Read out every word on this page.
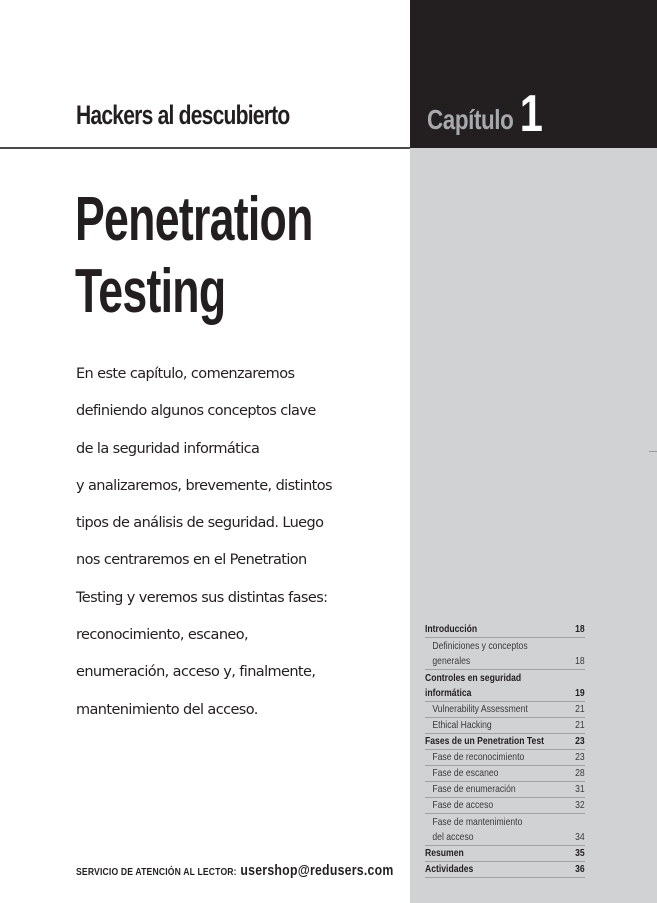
Hackers al descubierto	Capítulo 1
Penetration
Testing
En este capítulo, comenzaremos
definiendo algunos conceptos clave
de la seguridad informática
y analizaremos, brevemente, distintos
tipos de análisis de seguridad. Luego
nos centraremos en el Penetration
Testing y veremos sus distintas fases:
reconocimiento, escaneo,
enumeración, acceso y, finalmente,
mantenimiento del acceso.
Introducción	18
Definiciones y conceptos
generales	18
Controles en seguridad
informática	19
Vulnerability Assessment	21
Ethical Hacking	21
Fases de un Penetration Test	23
Fase de reconocimiento	23
Fase de escaneo	28
Fase de enumeración	31
Fase de acceso	32
Fase de mantenimiento
del acceso	34
Resumen	35
Actividades	36
SERVICIO DE ATENCIÓN AL LECTOR: usershop@redusers.com
